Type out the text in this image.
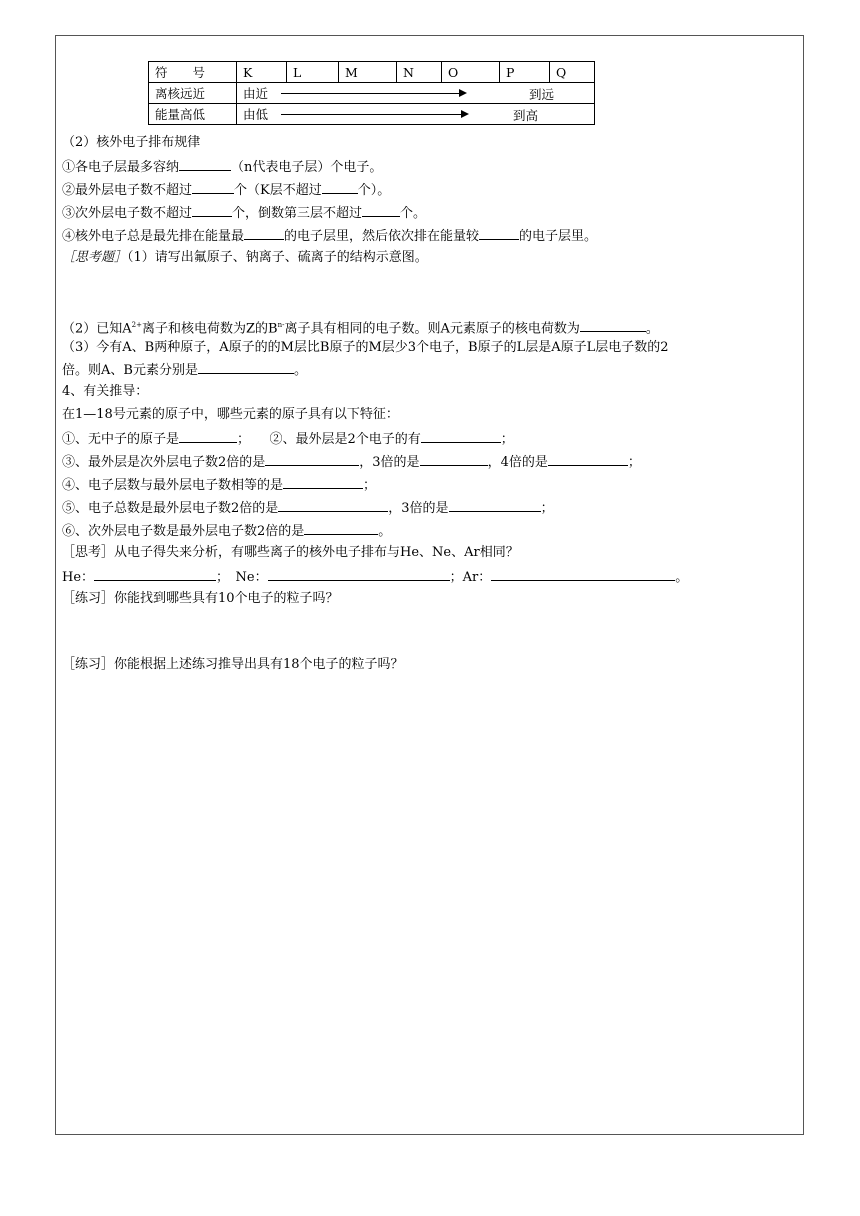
符　　号	K	L	M	N	O	P	Q
离核远近	由近 到远						

能量高低	由低 到高						
（2）核外电子排布规律
①各电子层最多容纳	（n代表电子层）个电子。
②最外层电子数不超过	个（K层不超过	个）。
③次外层电子数不超过	个，倒数第三层不超过	个。
④核外电子总是最先排在能量最	的电子层里，然后依次排在能量较	的电子层里。
［思考题］（1）请写出氟原子、钠离子、硫离子的结构示意图。
（2）已知$A^{2+}$离子和核电荷数为Z的$B^{n-}$离子具有相同的电子数。则A元素原子的核电荷数为	。
（3）今有A、B两种原子，A原子的的M层比B原子的M层少3个电子，B原子的L层是A原子L层电子数的2
倍。则A、B元素分别是	。
4、有关推导：
在1—18号元素的原子中，哪些元素的原子具有以下特征：
①、无中子的原子是	；　　②、最外层是2个电子的有	；
③、最外层是次外层电子数2倍的是	，3倍的是	，4倍的是	；
④、电子层数与最外层电子数相等的是	；
⑤、电子总数是最外层电子数2倍的是	，3倍的是	；
⑥、次外层电子数是最外层电子数2倍的是	。
［思考］从电子得失来分析，有哪些离子的核外电子排布与He、Ne、Ar相同？
He：	；　Ne：	；Ar：	。
［练习］你能找到哪些具有10个电子的粒子吗？
［练习］你能根据上述练习推导出具有18个电子的粒子吗？
